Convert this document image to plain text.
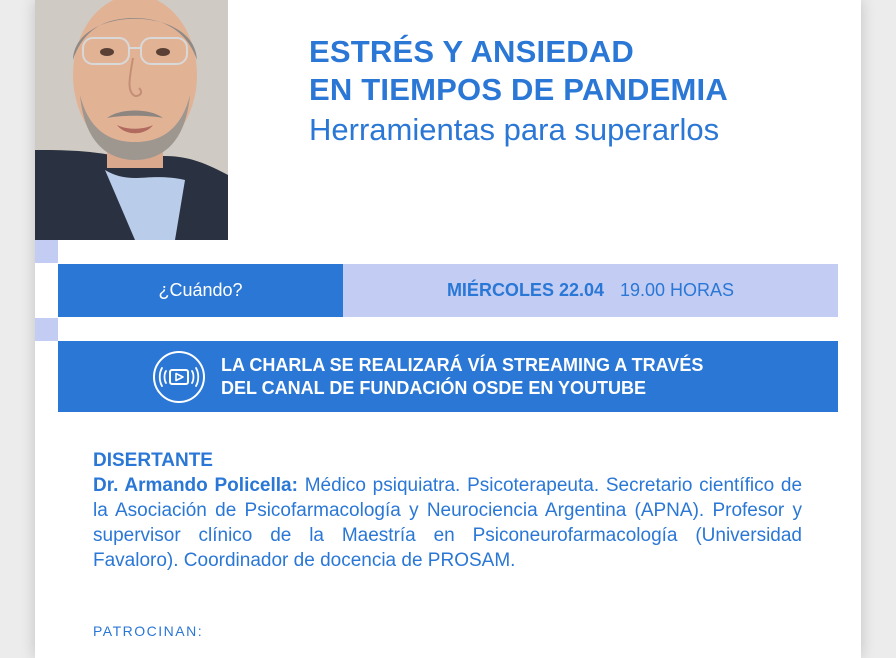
ESTRÉS Y ANSIEDAD
EN TIEMPOS DE PANDEMIA
Herramientas para superarlos
¿Cuándo?	MIÉRCOLES 22.04 19.00 HORAS
LA CHARLA SE REALIZARÁ VÍA STREAMING A TRAVÉS
DEL CANAL DE FUNDACIÓN OSDE EN YOUTUBE
DISERTANTE

Dr. Armando Policella: Médico psiquiatra. Psicoterapeuta. Secretario científico de la Asociación de Psicofarmacología y Neurociencia Argentina (APNA). Profesor y supervisor clínico de la Maestría en Psiconeurofarmacología (Universidad Favaloro). Coordinador de docencia de PROSAM.

PATROCINAN:
